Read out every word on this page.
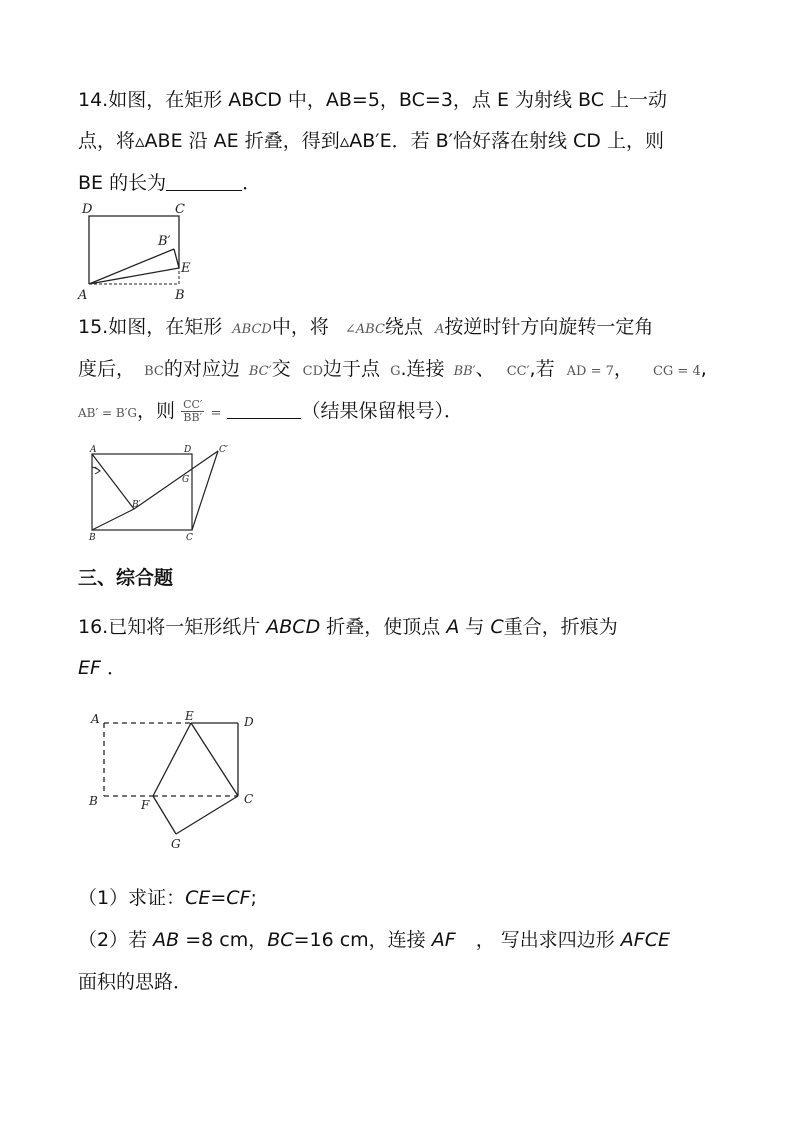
14.如图，在矩形 ABCD 中，AB=5，BC=3，点 E 为射线 BC 上一动
点，将▵ABE 沿 AE 折叠，得到▵AB′E．若 B′恰好落在射线 CD 上，则
BE 的长为	．
D	C
B′
E
A	B
15.如图，在矩形 ABCD中，将 ∠ABC绕点 A按逆时针方向旋转一定角
度后， BC的对应边 BC′交 CD边于点 G.连接 BB′、 CC′,若 AD = 7， CG = 4,
AB′ = B′G，则 $\frac{CC'}{BB'}$ =	（结果保留根号）．
A	D	C′
G
B′
B	C
三、综合题
16.已知将一矩形纸片 ABCD 折叠，使顶点 A 与 C重合，折痕为
EF ．
A	E	D
B	F	C
G
（1）求证：CE=CF;
（2）若 AB =8 cm，BC=16 cm，连接 AF ， 写出求四边形 AFCE
面积的思路．
